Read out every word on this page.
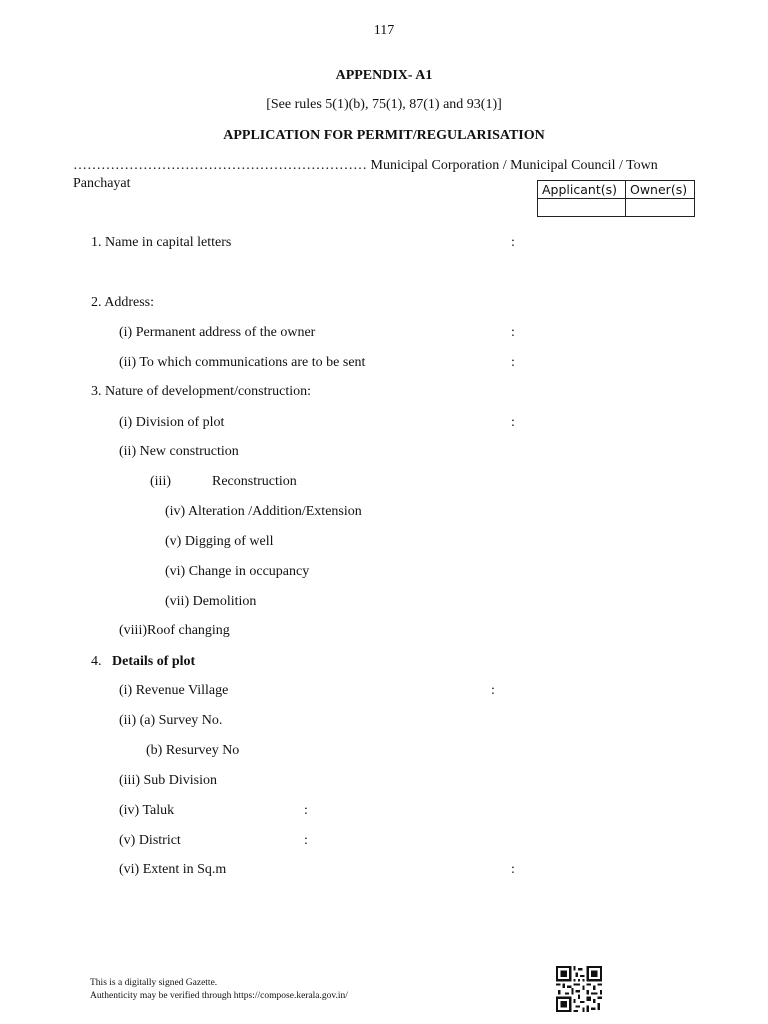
117
APPENDIX- A1
[See rules 5(1)(b), 75(1), 87(1) and 93(1)]
APPLICATION FOR PERMIT/REGULARISATION
……………………………………………………… Municipal Corporation / Municipal Council / Town
Panchayat	Applicant(s)	Owner(s)

1. Name in capital letters	:
2. Address:
(i) Permanent address of the owner	:
(ii) To which communications are to be sent	:
3. Nature of development/construction:
(i) Division of plot	:
(ii) New construction
(iii)	Reconstruction
(iv) Alteration /Addition/Extension
(v) Digging of well
(vi) Change in occupancy
(vii) Demolition
(viii)Roof changing
4. Details of plot
(i) Revenue Village	:
(ii) (a) Survey No.
(b) Resurvey No
(iii) Sub Division
(iv) Taluk	:
(v) District	:
(vi) Extent in Sq.m	:
This is a digitally signed Gazette.
Authenticity may be verified through https://compose.kerala.gov.in/
